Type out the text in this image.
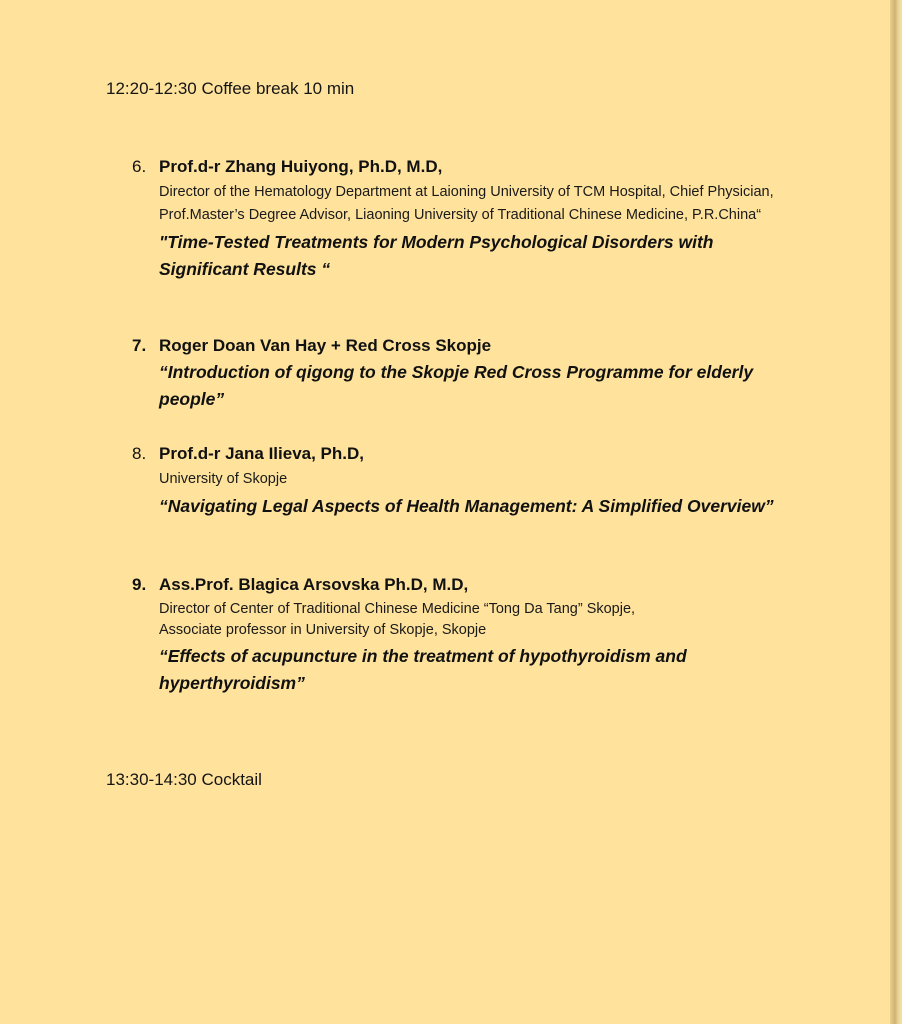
12:20-12:30 Coffee break 10 min

6. Prof.d-r Zhang Huiyong, Ph.D, M.D,

Director of the Hematology Department at Laioning University of TCM Hospital, Chief Physician, Prof.Master’s Degree Advisor, Liaoning University of Traditional Chinese Medicine, P.R.China“

"Time-Tested Treatments for Modern Psychological Disorders with Significant Results “

7. Roger Doan Van Hay + Red Cross Skopje

“Introduction of qigong to the Skopje Red Cross Programme for elderly people”

8. Prof.d-r Jana Ilieva, Ph.D,

University of Skopje

“Navigating Legal Aspects of Health Management: A Simplified Overview”

9. Ass.Prof. Blagica Arsovska Ph.D, M.D,

Director of Center of Traditional Chinese Medicine “Tong Da Tang” Skopje,
Associate professor in University of Skopje, Skopje

“Effects of acupuncture in the treatment of hypothyroidism and hyperthyroidism”

13:30-14:30 Cocktail
